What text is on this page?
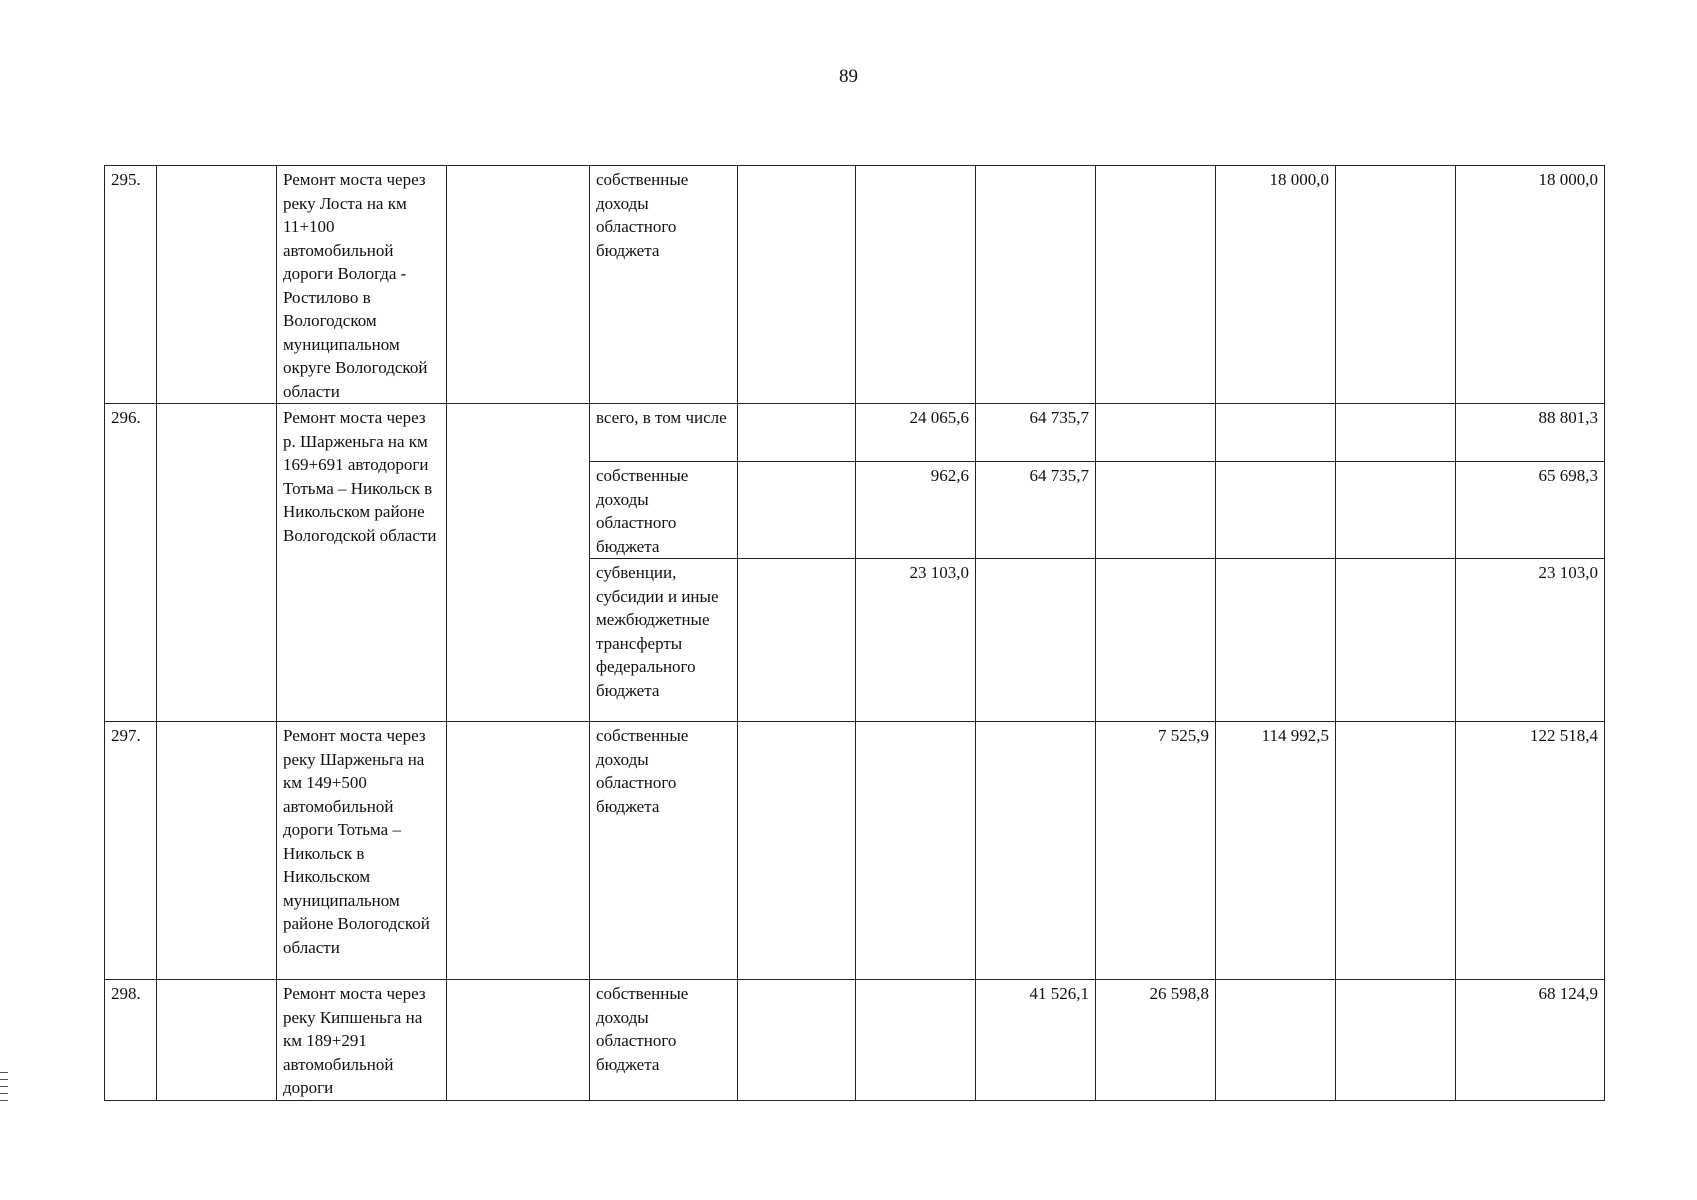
89
295.		Ремонт моста через реку Лоста на км 11+100 автомобильной дороги Вологда - Ростилово в Вологодском муниципальном округе Вологодской области		собственные доходы областного бюджета					18 000,0		18 000,0
296.		Ремонт моста через р. Шарженьга на км 169+691 автодороги Тотьма – Никольск в Никольском районе Вологодской области		всего, в том числе		24 065,6	64 735,7				88 801,3
				собственные доходы областного бюджета		962,6	64 735,7				65 698,3
				субвенции, субсидии и иные межбюджетные трансферты федерального бюджета		23 103,0					23 103,0
297.		Ремонт моста через реку Шарженьга на км 149+500 автомобильной дороги Тотьма – Никольск в Никольском муниципальном районе Вологодской области		собственные доходы областного бюджета				7 525,9	114 992,5		122 518,4
298.		Ремонт моста через реку Кипшеньга на км 189+291 автомобильной дороги		собственные доходы областного бюджета			41 526,1	26 598,8			68 124,9
